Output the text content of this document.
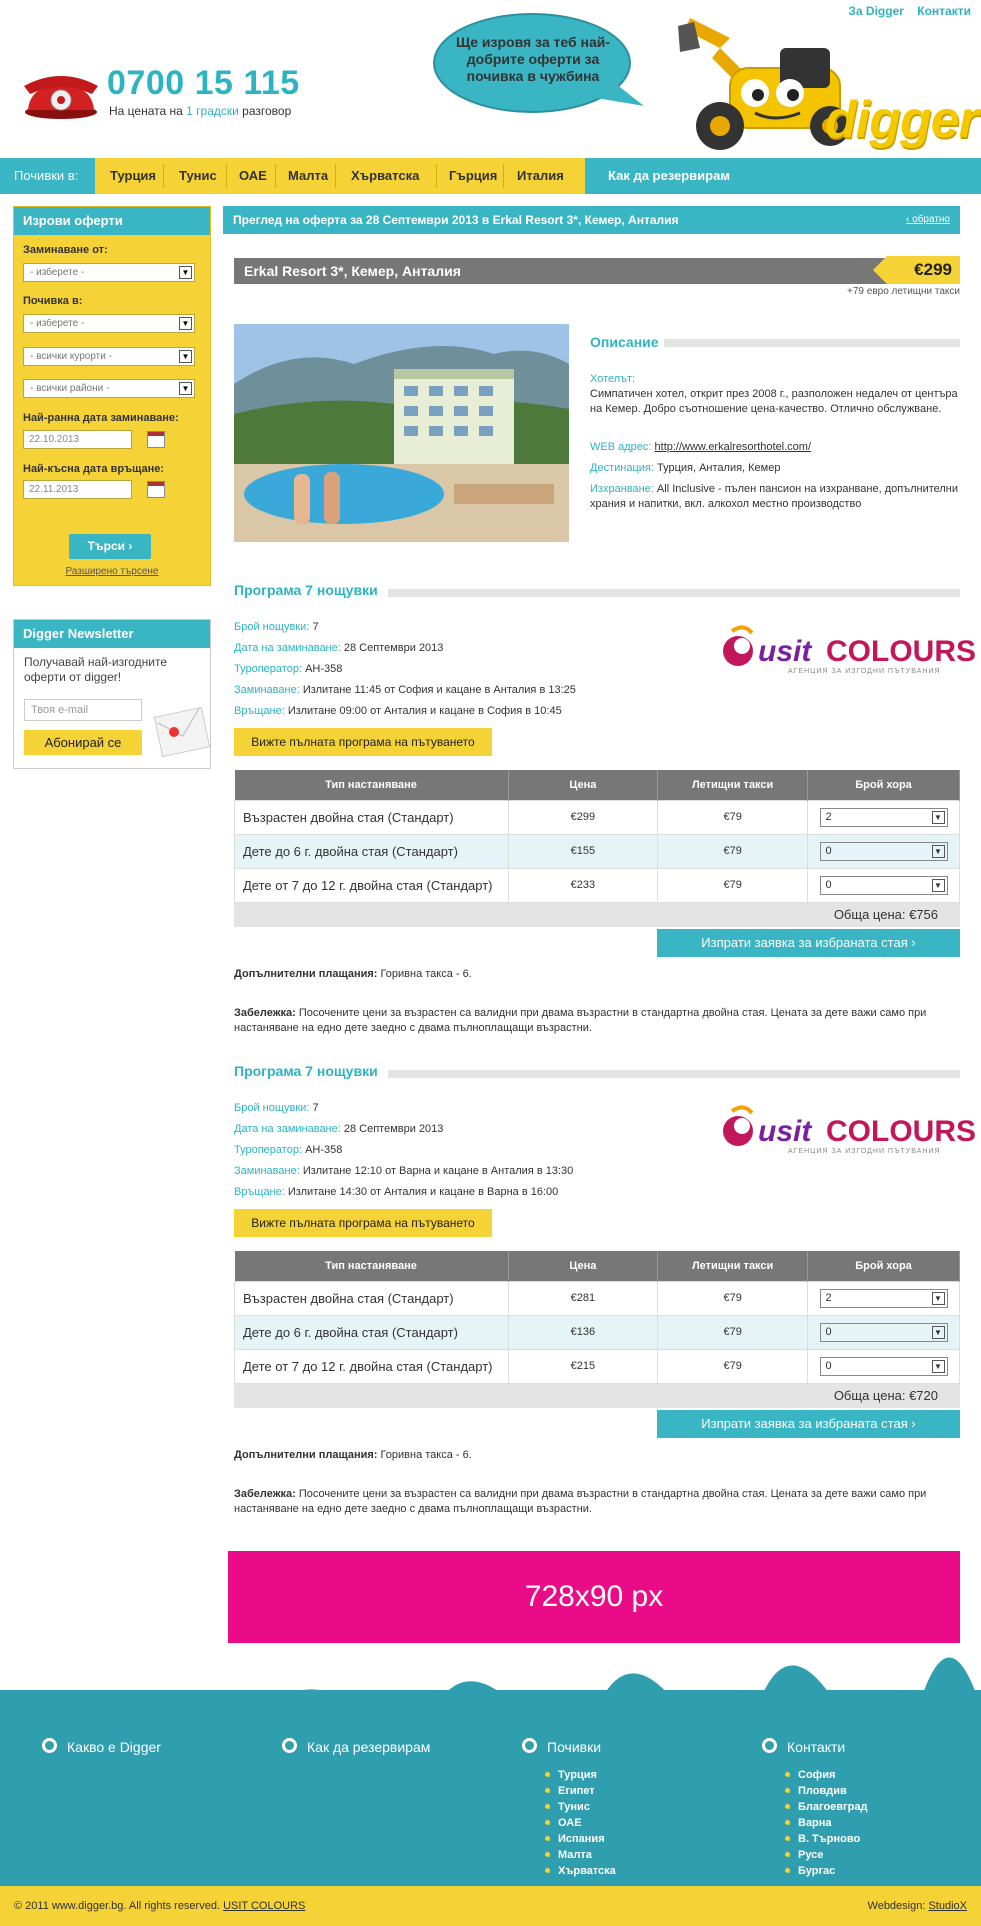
0700 15 115
На цената на 1 градски разговор
Ще изровя за теб най-добрите оферти за почивка в чужбина
За Digger Контакти
digger
Почивки в:	Турция Тунис ОАЕ Малта Хърватска Гърция Италия	Как да резервирам
Изрови оферти
Заминаване от:
- изберете -	▼
Почивка в:
- изберете -	▼
- всички курорти -	▼
- всички райони -	▼
Най-ранна дата заминаване:
22.10.2013
Най-късна дата връщане:
22.11.2013
Търси ›
Разширено търсене
Digger Newsletter
Получавай най-изгодните оферти от digger!
Твоя e-mail
Абонирай се
Преглед на оферта за 28 Септември 2013 в Erkal Resort 3*, Кемер, Анталия	‹ обратно
Erkal Resort 3*, Кемер, Анталия	€299
+79 евро летищни такси
Описание
Хотелът:
Симпатичен хотел, открит през 2008 г., разположен недалеч от центъра на Кемер. Добро съотношение цена-качество. Отлично обслужване.
WEB адрес: http://www.erkalresorthotel.com/
Дестинация: Турция, Анталия, Кемер
Изхранване: All Inclusive - пълен пансион на изхранване, допълнителни храния и напитки, вкл. алкохол местно производство
Програма 7 нощувки
Брой нощувки: 7
Дата на заминаване: 28 Септември 2013
Туроператор: АН-358
Заминаване: Излитане 11:45 от София и кацане в Анталия в 13:25
Връщане: Излитане 09:00 от Анталия и кацане в София в 10:45
usit COLOURS
АГЕНЦИЯ ЗА ИЗГОДНИ ПЪТУВАНИЯ
Вижте пълната програма на пътуването
Тип настаняване	Цена	Летищни такси	Брой хора
Възрастен двойна стая (Стандарт)	€299	€79	2 ▼

Дете до 6 г. двойна стая (Стандарт)	€155	€79	0 ▼

Дете от 7 до 12 г. двойна стая (Стандарт)	€233	€79	0 ▼
Обща цена: €756
Изпрати заявка за избраната стая ›
Допълнителни плащания: Горивна такса - 6.
Забележка: Посочените цени за възрастен са валидни при двама възрастни в стандартна двойна стая. Цената за дете важи само при настаняване на едно дете заедно с двама пълноплащащи възрастни.
Програма 7 нощувки
Брой нощувки: 7
Дата на заминаване: 28 Септември 2013
Туроператор: АН-358
Заминаване: Излитане 12:10 от Варна и кацане в Анталия в 13:30
Връщане: Излитане 14:30 от Анталия и кацане в Варна в 16:00
usit COLOURS
АГЕНЦИЯ ЗА ИЗГОДНИ ПЪТУВАНИЯ
Вижте пълната програма на пътуването
Тип настаняване	Цена	Летищни такси	Брой хора
Възрастен двойна стая (Стандарт)	€281	€79	2 ▼

Дете до 6 г. двойна стая (Стандарт)	€136	€79	0 ▼

Дете от 7 до 12 г. двойна стая (Стандарт)	€215	€79	0 ▼
Обща цена: €720
Изпрати заявка за избраната стая ›
Допълнителни плащания: Горивна такса - 6.
Забележка: Посочените цени за възрастен са валидни при двама възрастни в стандартна двойна стая. Цената за дете важи само при настаняване на едно дете заедно с двама пълноплащащи възрастни.
728x90 px
Какво е Digger	Как да резервирам	Почивки	Контакти
Турция
Египет
Тунис
ОАЕ
Испания
Малта
Хърватска
София
Пловдив
Благоевград
Варна
В. Търново
Русе
Бургас
© 2011 www.digger.bg. All rights reserved. USIT COLOURS	Webdesign: StudioX
